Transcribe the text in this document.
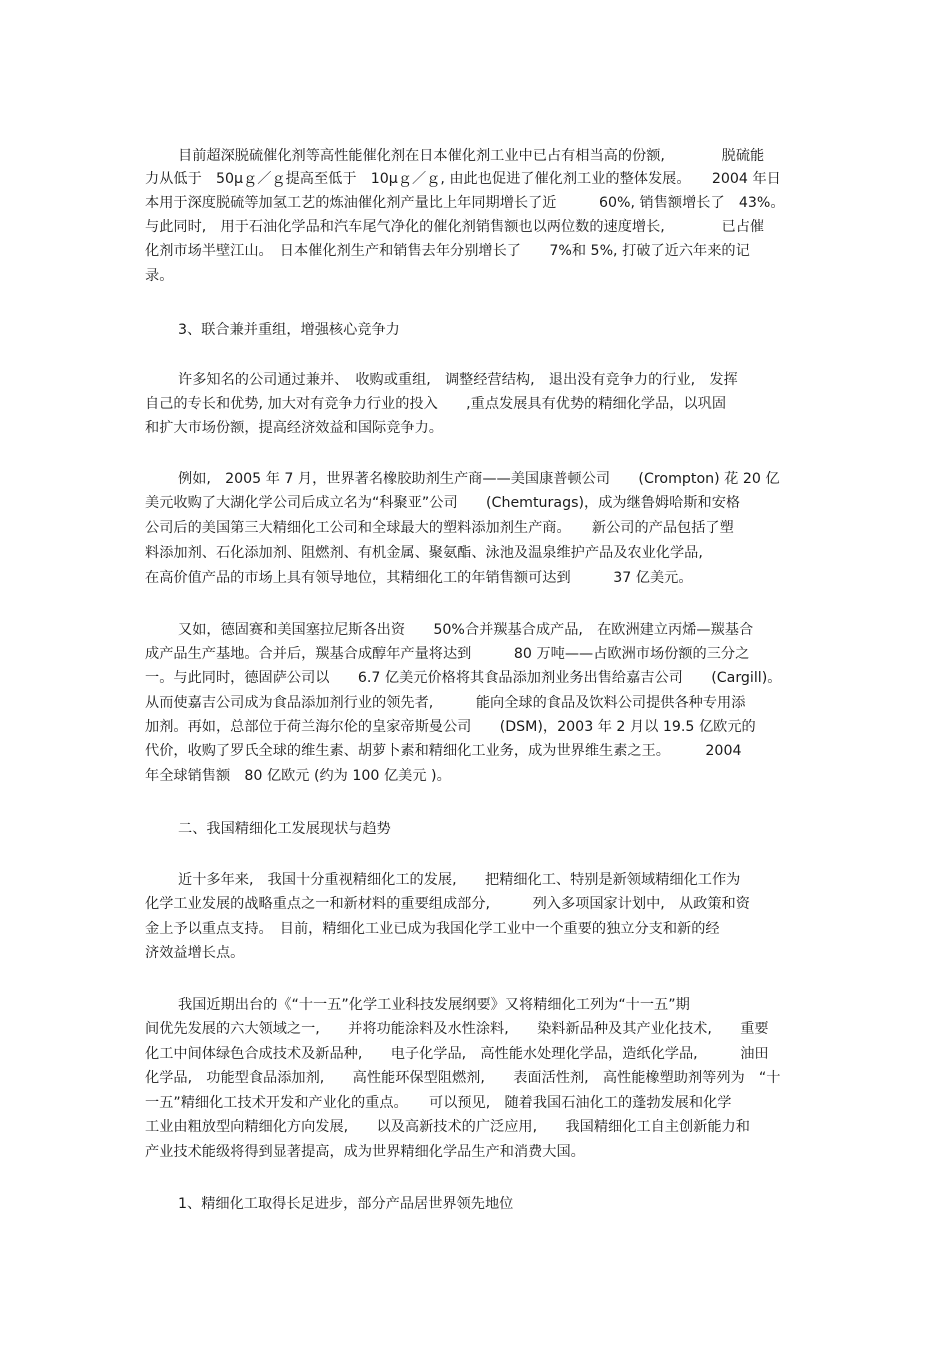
目前超深脱硫催化剂等高性能催化剂在日本催化剂工业中已占有相当高的份额,　　　　脱硫能
力从低于　50μｇ／ｇ提高至低于　10μｇ／ｇ, 由此也促进了催化剂工业的整体发展。　　2004 年日
本用于深度脱硫等加氢工艺的炼油催化剂产量比上年同期增长了近　　　60%, 销售额增长了　43%。
与此同时,　用于石油化学品和汽车尾气净化的催化剂销售额也以两位数的速度增长,　　　　已占催
化剂市场半壁江山。　日本催化剂生产和销售去年分别增长了　　7%和 5%, 打破了近六年来的记
录。
3、联合兼并重组，增强核心竞争力
许多知名的公司通过兼并、　收购或重组,　调整经营结构,　退出没有竞争力的行业,　发挥
自己的专长和优势, 加大对有竞争力行业的投入　　,重点发展具有优势的精细化学品，以巩固
和扩大市场份额，提高经济效益和国际竞争力。
例如,　2005 年 7 月，世界著名橡胶助剂生产商——美国康普顿公司　　(Crompton) 花 20 亿
美元收购了大湖化学公司后成立名为“科聚亚”公司　　(Chemturags)，成为继鲁姆哈斯和安格
公司后的美国第三大精细化工公司和全球最大的塑料添加剂生产商。　　新公司的产品包括了塑
料添加剂、石化添加剂、阻燃剂、有机金属、聚氨酯、泳池及温泉维护产品及农业化学品,
在高价值产品的市场上具有领导地位，其精细化工的年销售额可达到　　　37 亿美元。
又如，德固赛和美国塞拉尼斯各出资　　50%合并羰基合成产品,　在欧洲建立丙烯—羰基合
成产品生产基地。合并后，羰基合成醇年产量将达到　　　80 万吨——占欧洲市场份额的三分之
一。与此同时，德固萨公司以　　6.7 亿美元价格将其食品添加剂业务出售给嘉吉公司　　(Cargill)。
从而使嘉吉公司成为食品添加剂行业的领先者,　　　能向全球的食品及饮料公司提供各种专用添
加剂。再如，总部位于荷兰海尔伦的皇家帝斯曼公司　　(DSM)，2003 年 2 月以 19.5 亿欧元的
代价，收购了罗氏全球的维生素、胡萝卜素和精细化工业务，成为世界维生素之王。　　　2004
年全球销售额　80 亿欧元 (约为 100 亿美元 )。
二、我国精细化工发展现状与趋势
近十多年来,　我国十分重视精细化工的发展,　　把精细化工、特别是新领域精细化工作为
化学工业发展的战略重点之一和新材料的重要组成部分,　　　列入多项国家计划中,　从政策和资
金上予以重点支持。　目前，精细化工业已成为我国化学工业中一个重要的独立分支和新的经
济效益增长点。
我国近期出台的《“十一五”化学工业科技发展纲要》又将精细化工列为“十一五”期
间优先发展的六大领域之一,　　并将功能涂料及水性涂料,　　染料新品种及其产业化技术,　　重要
化工中间体绿色合成技术及新品种,　　电子化学品,　高性能水处理化学品，造纸化学品,　　　油田
化学品,　功能型食品添加剂,　　高性能环保型阻燃剂,　　表面活性剂,　高性能橡塑助剂等列为　“十
一五”精细化工技术开发和产业化的重点。　　可以预见,　随着我国石油化工的蓬勃发展和化学
工业由粗放型向精细化方向发展,　　以及高新技术的广泛应用,　　我国精细化工自主创新能力和
产业技术能级将得到显著提高，成为世界精细化学品生产和消费大国。
1、精细化工取得长足进步，部分产品居世界领先地位
